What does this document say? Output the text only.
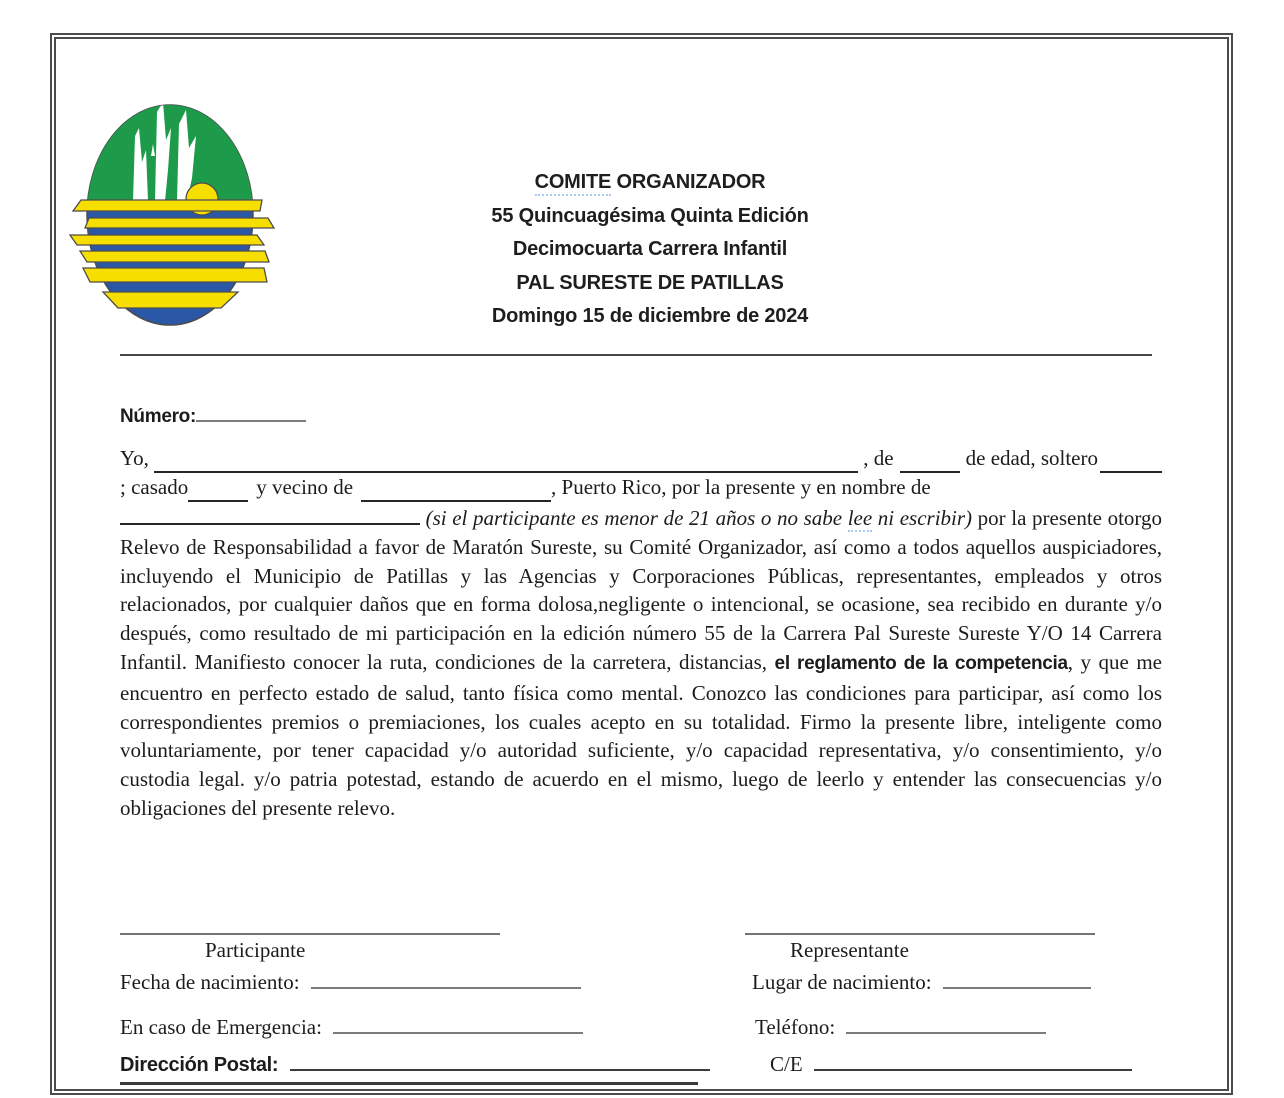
COMITE ORGANIZADOR
55 Quincuagésima Quinta Edición
Decimocuarta Carrera Infantil
PAL SURESTE DE PATILLAS
Domingo 15 de diciembre de 2024
Número:
Yo,	, de	de edad, soltero
; casado	y vecino de	, Puerto Rico, por la presente y en nombre de
(si el participante es menor de 21 años o no sabe lee ni escribir) por la presente otorgo Relevo de Responsabilidad a favor de Maratón Sureste, su Comité Organizador, así como a todos aquellos auspiciadores, incluyendo el Municipio de Patillas y las Agencias y Corporaciones Públicas, representantes, empleados y otros relacionados, por cualquier daños que en forma dolosa,negligente o intencional, se ocasione, sea recibido en durante y/o después, como resultado de mi participación en la edición número 55 de la Carrera Pal Sureste Sureste Y/O 14 Carrera Infantil. Manifiesto conocer la ruta, condiciones de la carretera, distancias, el reglamento de la competencia, y que me encuentro en perfecto estado de salud, tanto física como mental. Conozco las condiciones para participar, así como los correspondientes premios o premiaciones, los cuales acepto en su totalidad. Firmo la presente libre, inteligente como voluntariamente, por tener capacidad y/o autoridad suficiente, y/o capacidad representativa, y/o consentimiento, y/o custodia legal. y/o patria potestad, estando de acuerdo en el mismo, luego de leerlo y entender las consecuencias y/o obligaciones del presente relevo.
Participante	Representante
Fecha de nacimiento:	Lugar de nacimiento:
En caso de Emergencia:	Teléfono:
Dirección Postal:	C/E
